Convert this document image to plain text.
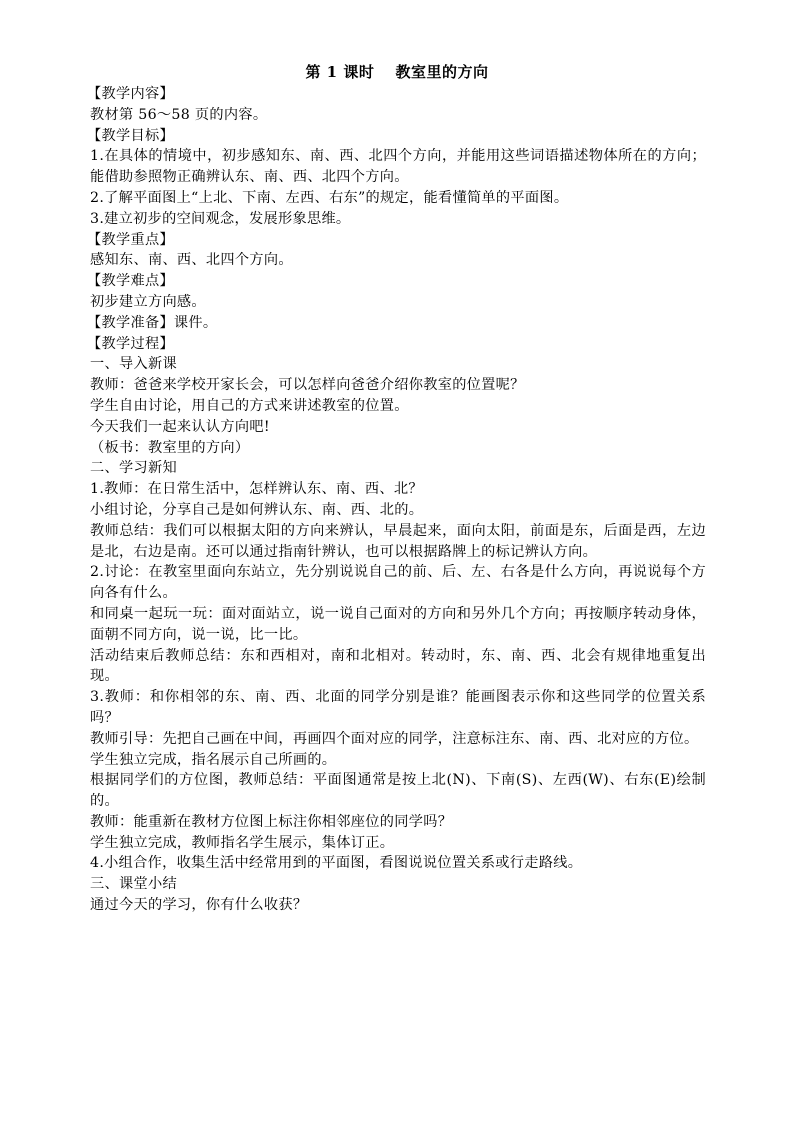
第 1 课时　 教室里的方向

【教学内容】

教材第 56～58 页的内容。

【教学目标】

1.在具体的情境中，初步感知东、南、西、北四个方向，并能用这些词语描述物体所在的方向；能借助参照物正确辨认东、南、西、北四个方向。

2.了解平面图上“上北、下南、左西、右东”的规定，能看懂简单的平面图。

3.建立初步的空间观念，发展形象思维。

【教学重点】

感知东、南、西、北四个方向。

【教学难点】

初步建立方向感。

【教学准备】课件。

【教学过程】

一、导入新课

教师：爸爸来学校开家长会，可以怎样向爸爸介绍你教室的位置呢？

学生自由讨论，用自己的方式来讲述教室的位置。

今天我们一起来认认方向吧!

（板书：教室里的方向）

二、学习新知

1.教师：在日常生活中，怎样辨认东、南、西、北？

小组讨论，分享自己是如何辨认东、南、西、北的。

教师总结：我们可以根据太阳的方向来辨认，早晨起来，面向太阳，前面是东，后面是西，左边是北，右边是南。还可以通过指南针辨认，也可以根据路牌上的标记辨认方向。

2.讨论：在教室里面向东站立，先分别说说自己的前、后、左、右各是什么方向，再说说每个方向各有什么。

和同桌一起玩一玩：面对面站立，说一说自己面对的方向和另外几个方向；再按顺序转动身体，面朝不同方向，说一说，比一比。

活动结束后教师总结：东和西相对，南和北相对。转动时，东、南、西、北会有规律地重复出现。

3.教师：和你相邻的东、南、西、北面的同学分别是谁？能画图表示你和这些同学的位置关系吗？

教师引导：先把自己画在中间，再画四个面对应的同学，注意标注东、南、西、北对应的方位。

学生独立完成，指名展示自己所画的。

根据同学们的方位图，教师总结：平面图通常是按上北(N)、下南(S)、左西(W)、右东(E)绘制的。

教师：能重新在教材方位图上标注你相邻座位的同学吗？

学生独立完成，教师指名学生展示，集体订正。

4.小组合作，收集生活中经常用到的平面图，看图说说位置关系或行走路线。

三、课堂小结

通过今天的学习，你有什么收获？
